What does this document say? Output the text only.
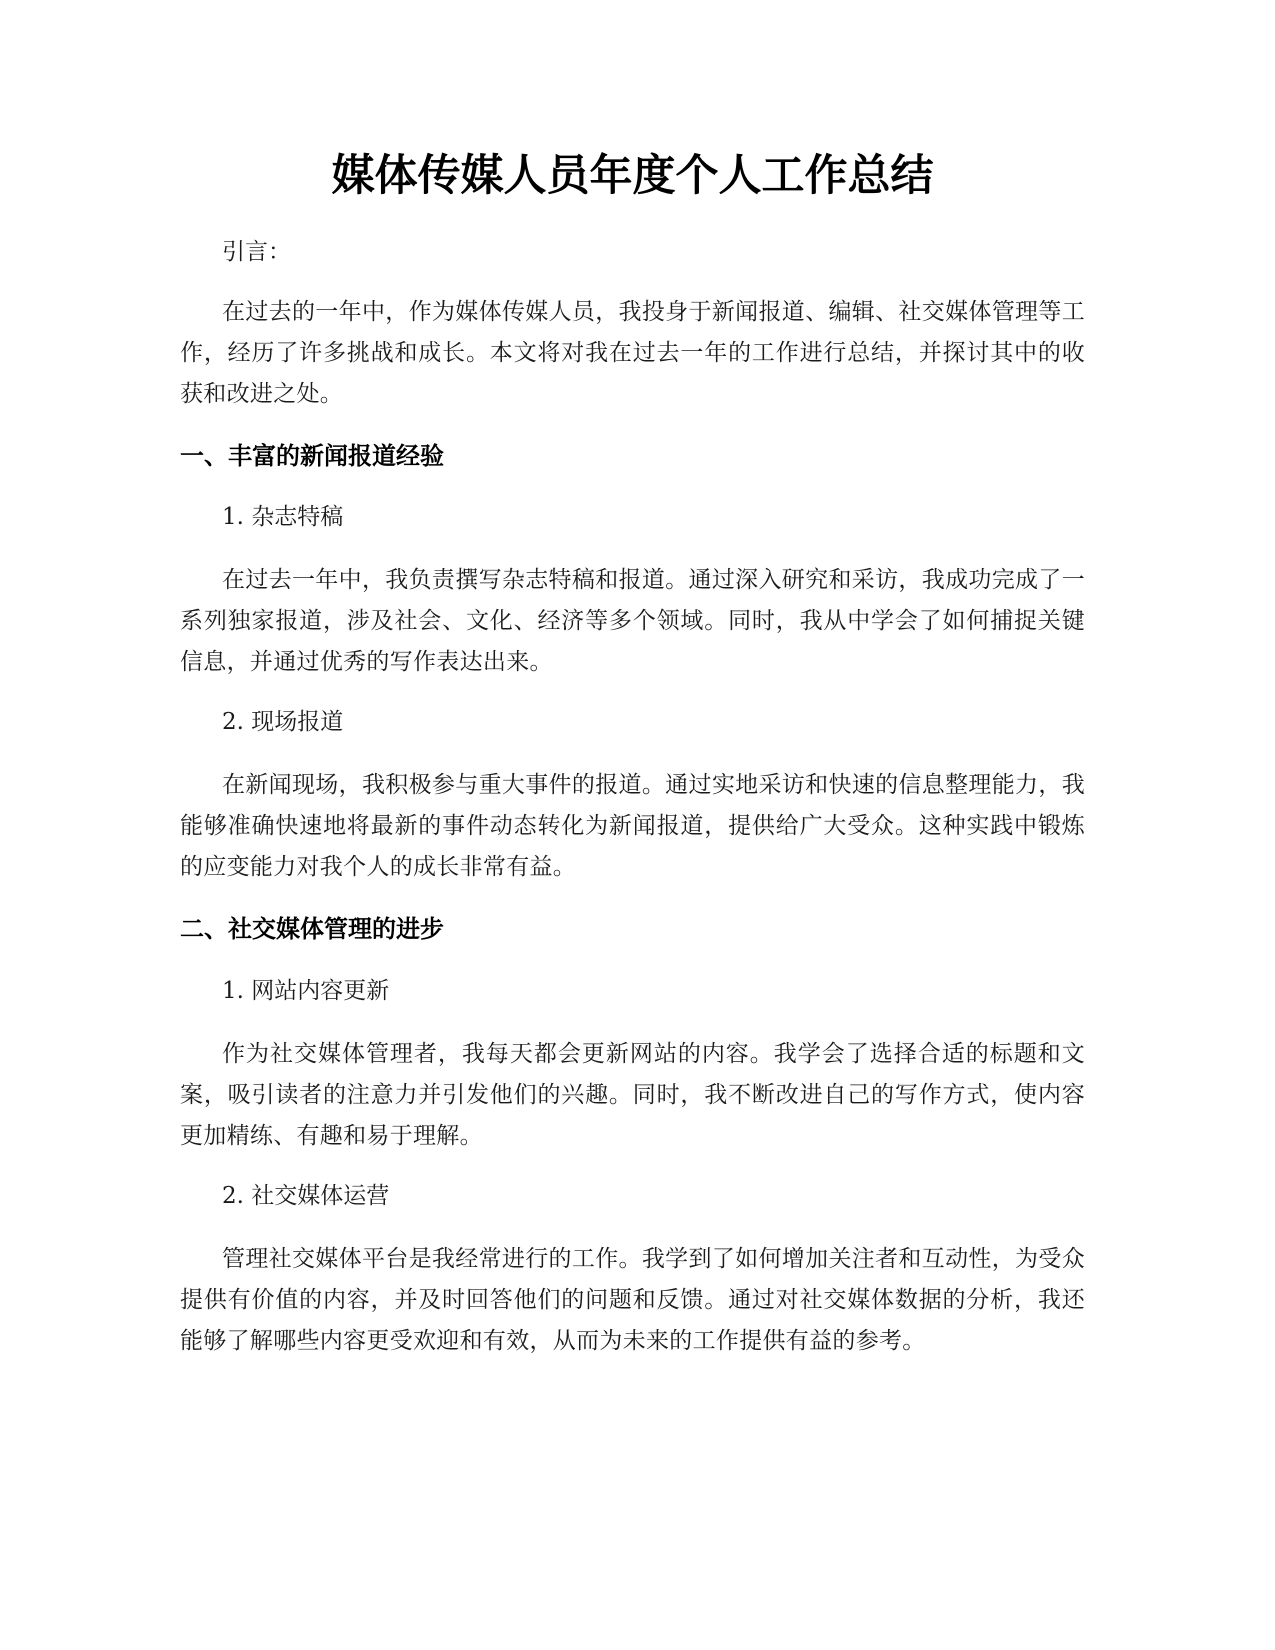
媒体传媒人员年度个人工作总结

引言：

在过去的一年中，作为媒体传媒人员，我投身于新闻报道、编辑、社交媒体管理等工作，经历了许多挑战和成长。本文将对我在过去一年的工作进行总结，并探讨其中的收获和改进之处。

一、丰富的新闻报道经验

1. 杂志特稿

在过去一年中，我负责撰写杂志特稿和报道。通过深入研究和采访，我成功完成了一系列独家报道，涉及社会、文化、经济等多个领域。同时，我从中学会了如何捕捉关键信息，并通过优秀的写作表达出来。

2. 现场报道

在新闻现场，我积极参与重大事件的报道。通过实地采访和快速的信息整理能力，我能够准确快速地将最新的事件动态转化为新闻报道，提供给广大受众。这种实践中锻炼的应变能力对我个人的成长非常有益。

二、社交媒体管理的进步

1. 网站内容更新

作为社交媒体管理者，我每天都会更新网站的内容。我学会了选择合适的标题和文案，吸引读者的注意力并引发他们的兴趣。同时，我不断改进自己的写作方式，使内容更加精练、有趣和易于理解。

2. 社交媒体运营

管理社交媒体平台是我经常进行的工作。我学到了如何增加关注者和互动性，为受众提供有价值的内容，并及时回答他们的问题和反馈。通过对社交媒体数据的分析，我还能够了解哪些内容更受欢迎和有效，从而为未来的工作提供有益的参考。
